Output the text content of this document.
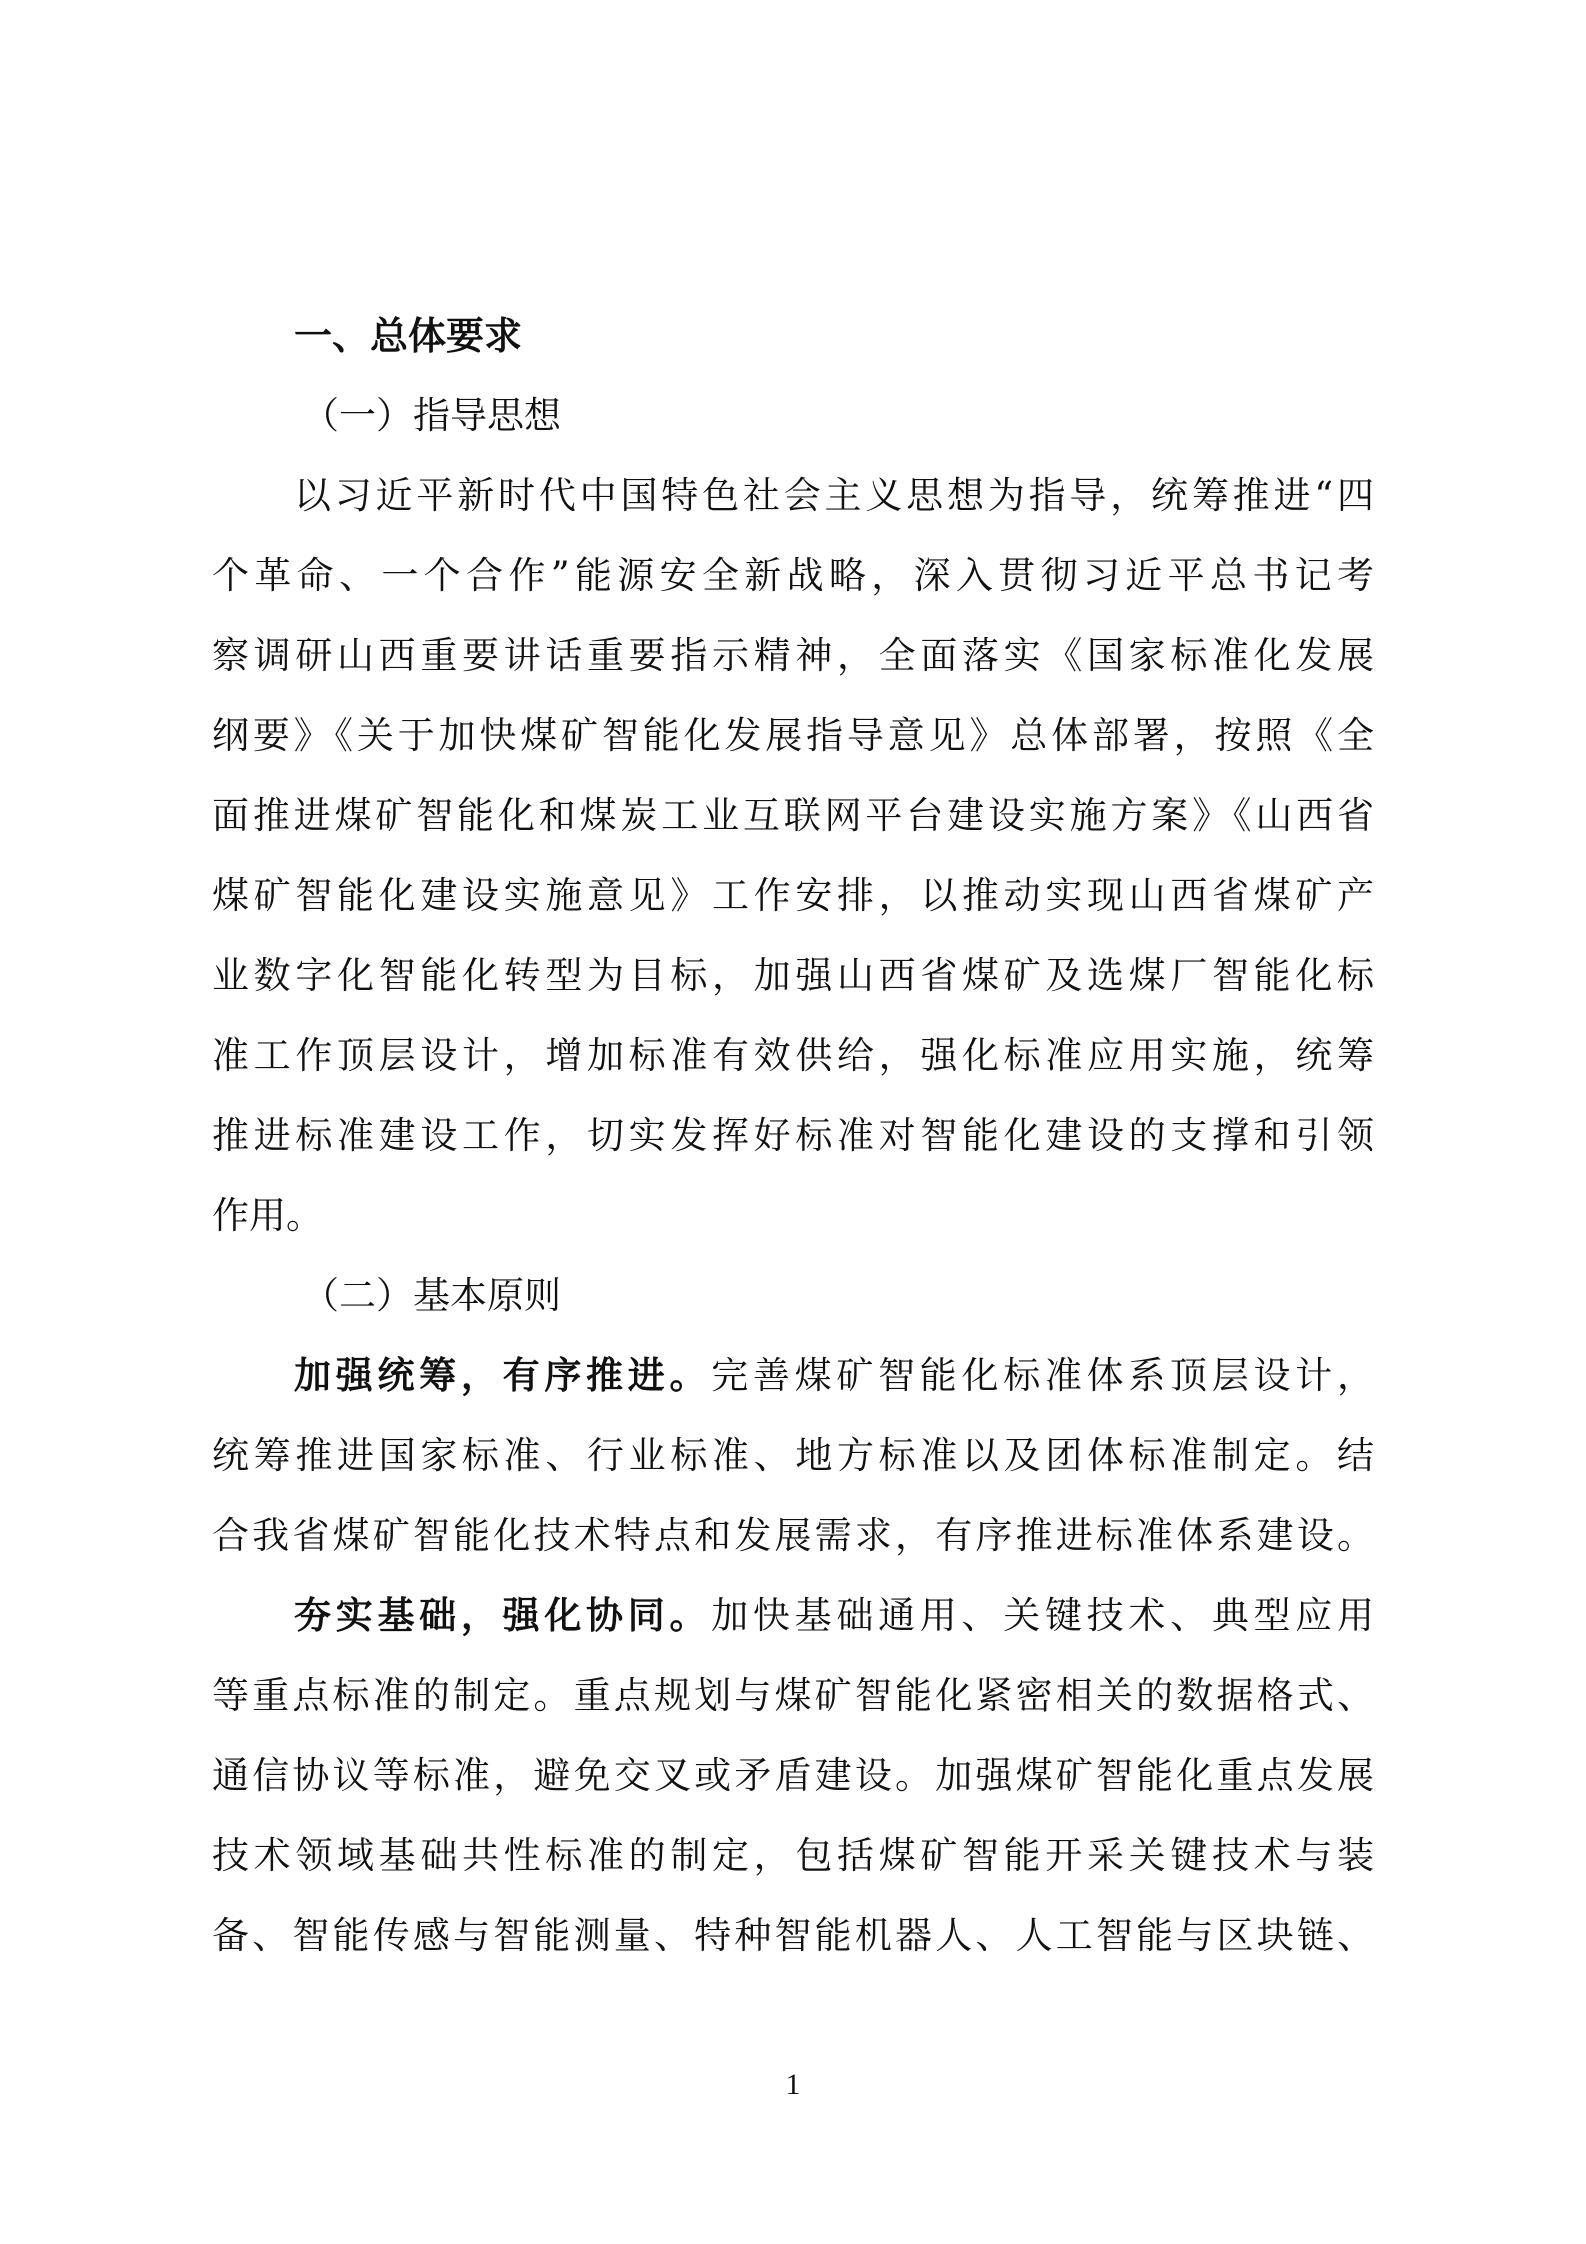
一、总体要求
（一）指导思想
以习近平新时代中国特色社会主义思想为指导，统筹推进“四
个革命、一个合作”能源安全新战略，深入贯彻习近平总书记考
察调研山西重要讲话重要指示精神，全面落实《国家标准化发展
纲要》《关于加快煤矿智能化发展指导意见》总体部署，按照《全
面推进煤矿智能化和煤炭工业互联网平台建设实施方案》《山西省
煤矿智能化建设实施意见》工作安排，以推动实现山西省煤矿产
业数字化智能化转型为目标，加强山西省煤矿及选煤厂智能化标
准工作顶层设计，增加标准有效供给，强化标准应用实施，统筹
推进标准建设工作，切实发挥好标准对智能化建设的支撑和引领
作用。
（二）基本原则
加强统筹，有序推进。完善煤矿智能化标准体系顶层设计，
统筹推进国家标准、行业标准、地方标准以及团体标准制定。结
合我省煤矿智能化技术特点和发展需求，有序推进标准体系建设。
夯实基础，强化协同。加快基础通用、关键技术、典型应用
等重点标准的制定。重点规划与煤矿智能化紧密相关的数据格式、
通信协议等标准，避免交叉或矛盾建设。加强煤矿智能化重点发展
技术领域基础共性标准的制定，包括煤矿智能开采关键技术与装
备、智能传感与智能测量、特种智能机器人、人工智能与区块链、
1
